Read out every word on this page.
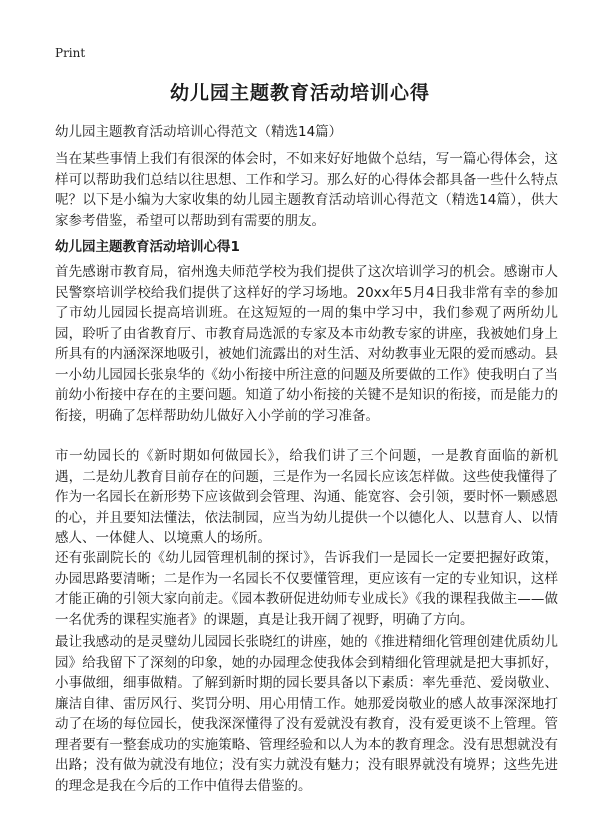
Print
幼儿园主题教育活动培训心得

幼儿园主题教育活动培训心得范文（精选14篇）

当在某些事情上我们有很深的体会时，不如来好好地做个总结，写一篇心得体会，这样可以帮助我们总结以往思想、工作和学习。那么好的心得体会都具备一些什么特点呢？以下是小编为大家收集的幼儿园主题教育活动培训心得范文（精选14篇），供大家参考借鉴，希望可以帮助到有需要的朋友。

幼儿园主题教育活动培训心得1

首先感谢市教育局，宿州逸夫师范学校为我们提供了这次培训学习的机会。感谢市人民警察培训学校给我们提供了这样好的学习场地。20xx年5月4日我非常有幸的参加了市幼儿园园长提高培训班。在这短短的一周的集中学习中，我们参观了两所幼儿园，聆听了由省教育厅、市教育局选派的专家及本市幼教专家的讲座，我被她们身上所具有的内涵深深地吸引，被她们流露出的对生活、对幼教事业无限的爱而感动。县一小幼儿园园长张泉华的《幼小衔接中所注意的问题及所要做的工作》使我明白了当前幼小衔接中存在的主要问题。知道了幼小衔接的关键不是知识的衔接，而是能力的衔接，明确了怎样帮助幼儿做好入小学前的学习准备。

市一幼园长的《新时期如何做园长》，给我们讲了三个问题，一是教育面临的新机遇，二是幼儿教育目前存在的问题，三是作为一名园长应该怎样做。这些使我懂得了作为一名园长在新形势下应该做到会管理、沟通、能宽容、会引领，要时怀一颗感恩的心，并且要知法懂法，依法制园，应当为幼儿提供一个以德化人、以慧育人、以情感人、一体健人、以境熏人的场所。

还有张副院长的《幼儿园管理机制的探讨》，告诉我们一是园长一定要把握好政策，办园思路要清晰；二是作为一名园长不仅要懂管理，更应该有一定的专业知识，这样才能正确的引领大家向前走。《园本教研促进幼师专业成长》《我的课程我做主——做一名优秀的课程实施者》的课题，真是让我开阔了视野，明确了方向。

最让我感动的是灵璧幼儿园园长张晓红的讲座，她的《推进精细化管理创建优质幼儿园》给我留下了深刻的印象，她的办园理念使我体会到精细化管理就是把大事抓好，小事做细，细事做精。了解到新时期的园长要具备以下素质：率先垂范、爱岗敬业、廉洁自律、雷厉风行、奖罚分明、用心用情工作。她那爱岗敬业的感人故事深深地打动了在场的每位园长，使我深深懂得了没有爱就没有教育，没有爱更谈不上管理。管理者要有一整套成功的实施策略、管理经验和以人为本的教育理念。没有思想就没有出路；没有做为就没有地位；没有实力就没有魅力；没有眼界就没有境界；这些先进的理念是我在今后的工作中值得去借鉴的。
